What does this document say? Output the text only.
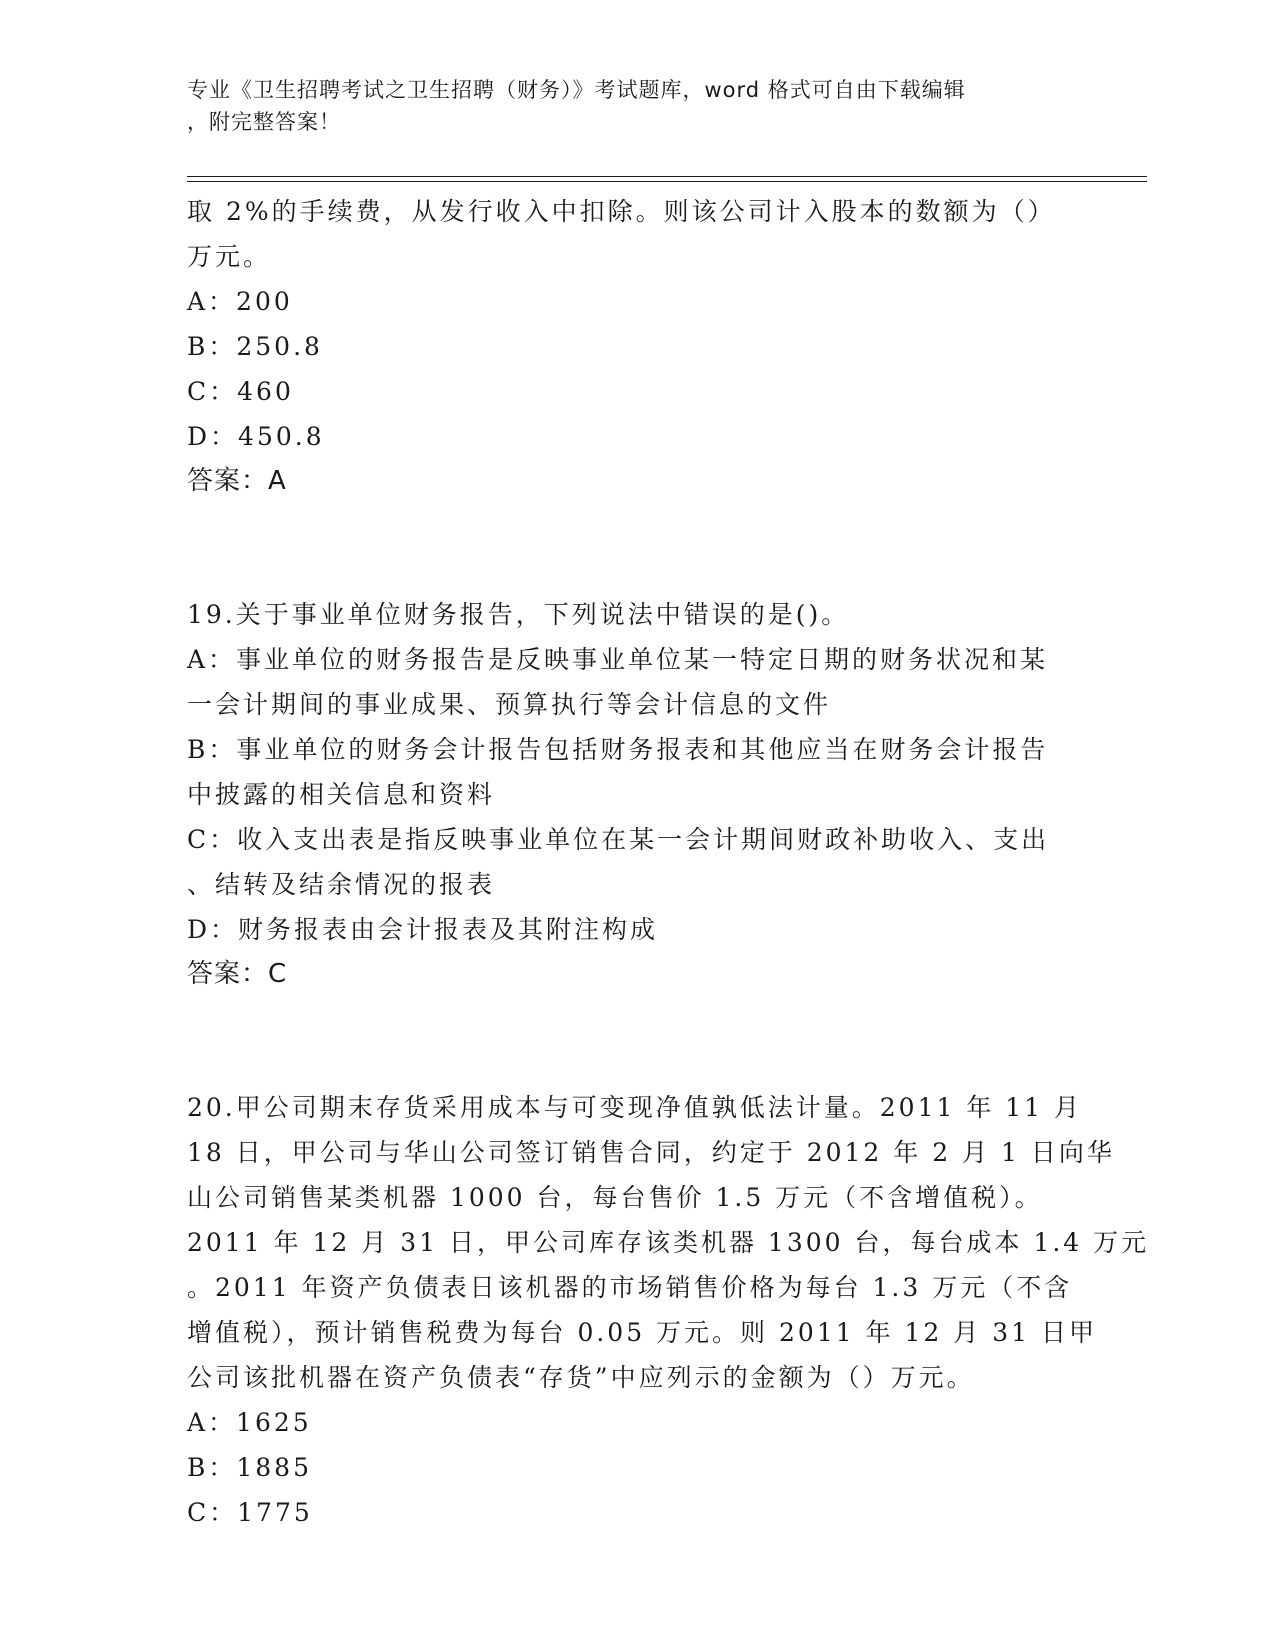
专业《卫生招聘考试之卫生招聘（财务）》考试题库，word 格式可自由下载编辑

，附完整答案！

取 2%的手续费，从发行收入中扣除。则该公司计入股本的数额为（）
万元。
A：200
B：250.8
C：460
D：450.8
答案：A
19.关于事业单位财务报告，下列说法中错误的是()。
A：事业单位的财务报告是反映事业单位某一特定日期的财务状况和某
一会计期间的事业成果、预算执行等会计信息的文件
B：事业单位的财务会计报告包括财务报表和其他应当在财务会计报告
中披露的相关信息和资料
C：收入支出表是指反映事业单位在某一会计期间财政补助收入、支出
、结转及结余情况的报表
D：财务报表由会计报表及其附注构成
答案：C
20.甲公司期末存货采用成本与可变现净值孰低法计量。2011 年 11 月
18 日，甲公司与华山公司签订销售合同，约定于 2012 年 2 月 1 日向华
山公司销售某类机器 1000 台，每台售价 1.5 万元（不含增值税）。
2011 年 12 月 31 日，甲公司库存该类机器 1300 台，每台成本 1.4 万元
。2011 年资产负债表日该机器的市场销售价格为每台 1.3 万元（不含
增值税），预计销售税费为每台 0.05 万元。则 2011 年 12 月 31 日甲
公司该批机器在资产负债表“存货”中应列示的金额为（）万元。
A：1625
B：1885
C：1775
